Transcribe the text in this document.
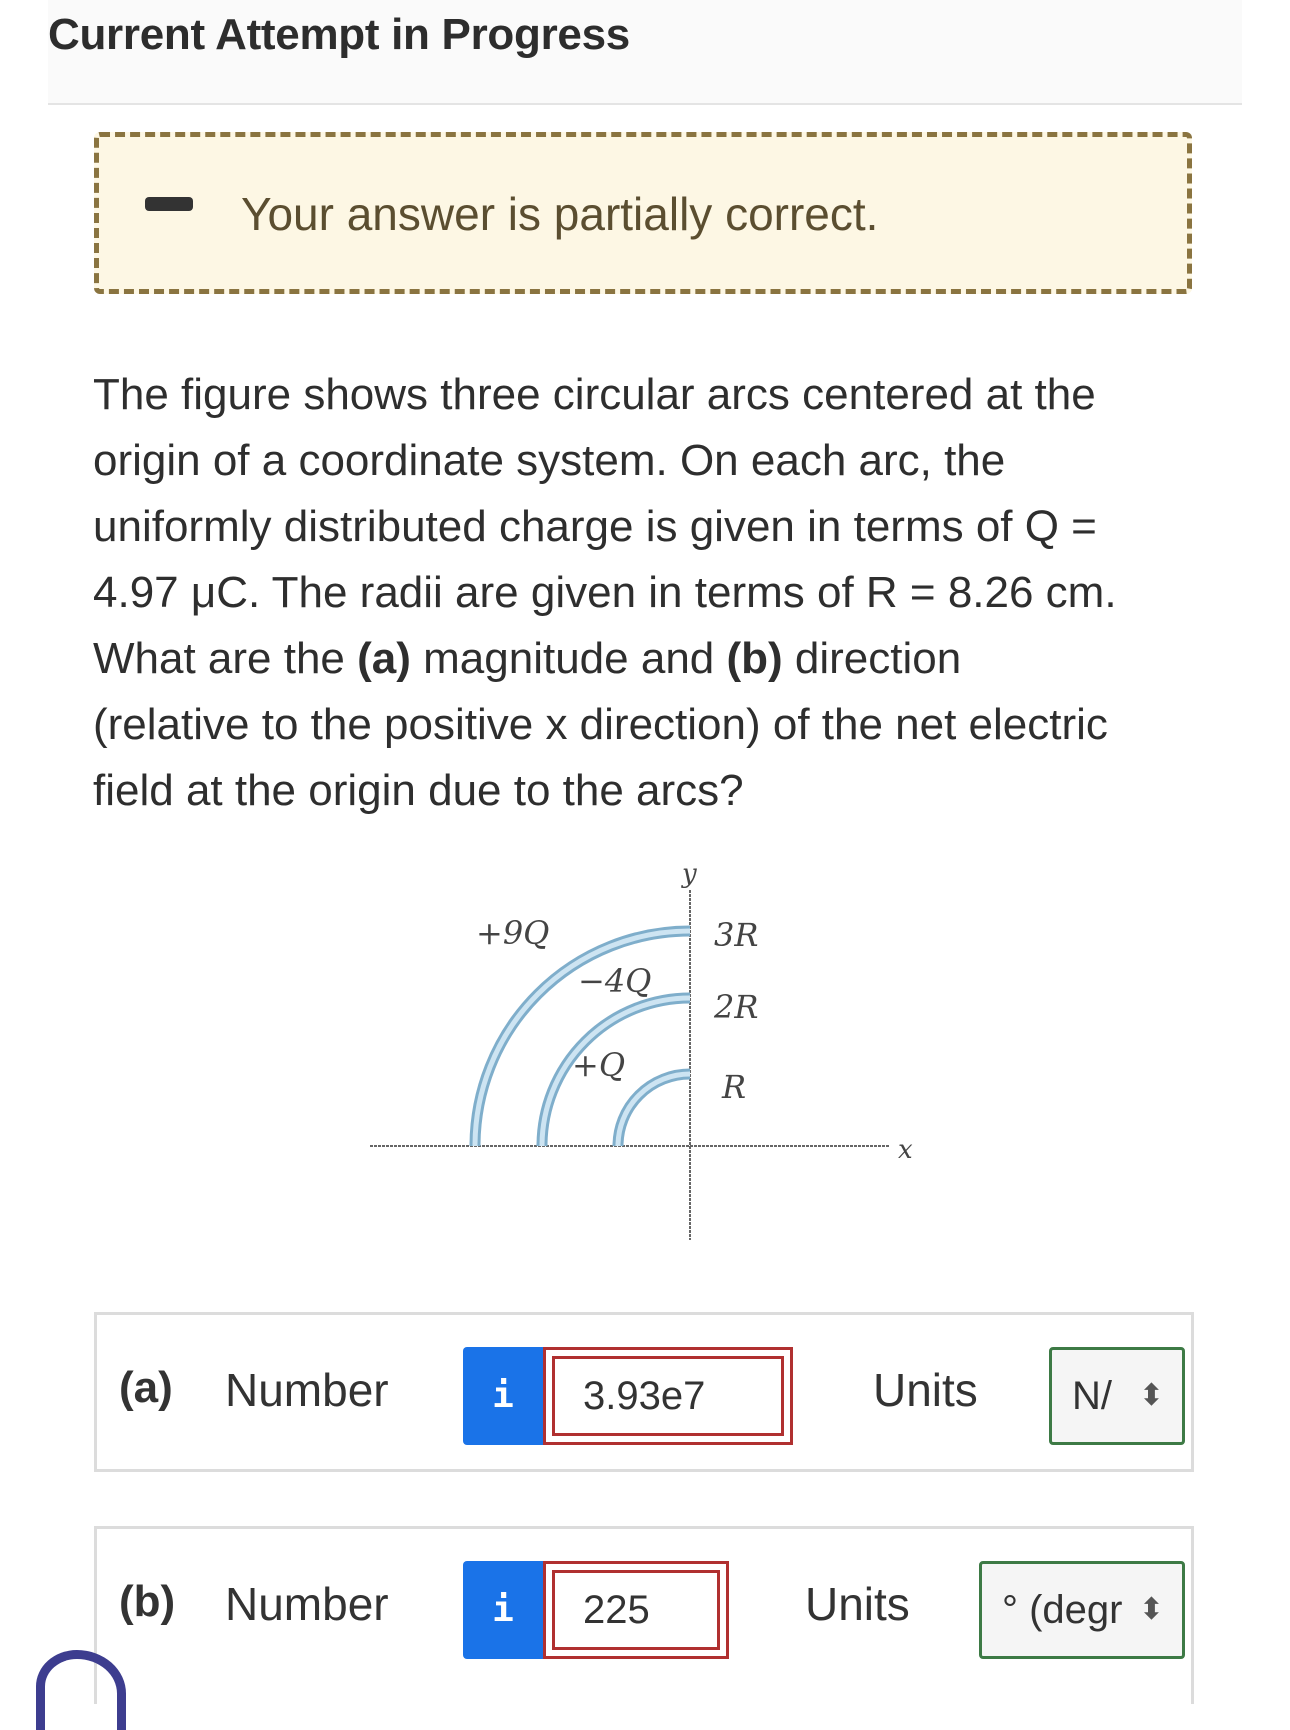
Current Attempt in Progress
Your answer is partially correct.

The figure shows three circular arcs centered at the

origin of a coordinate system. On each arc, the

uniformly distributed charge is given in terms of Q =

4.97 μC. The radii are given in terms of R = 8.26 cm.

What are the (a) magnitude and (b) direction

(relative to the positive x direction) of the net electric

field at the origin due to the arcs?

y
x
+9Q
−4Q
+Q
3R
2R
R
(a) Number	i	3.93e7	Units	N/ ⬍
(b) Number	i	225	Units	° (degr ⬍
